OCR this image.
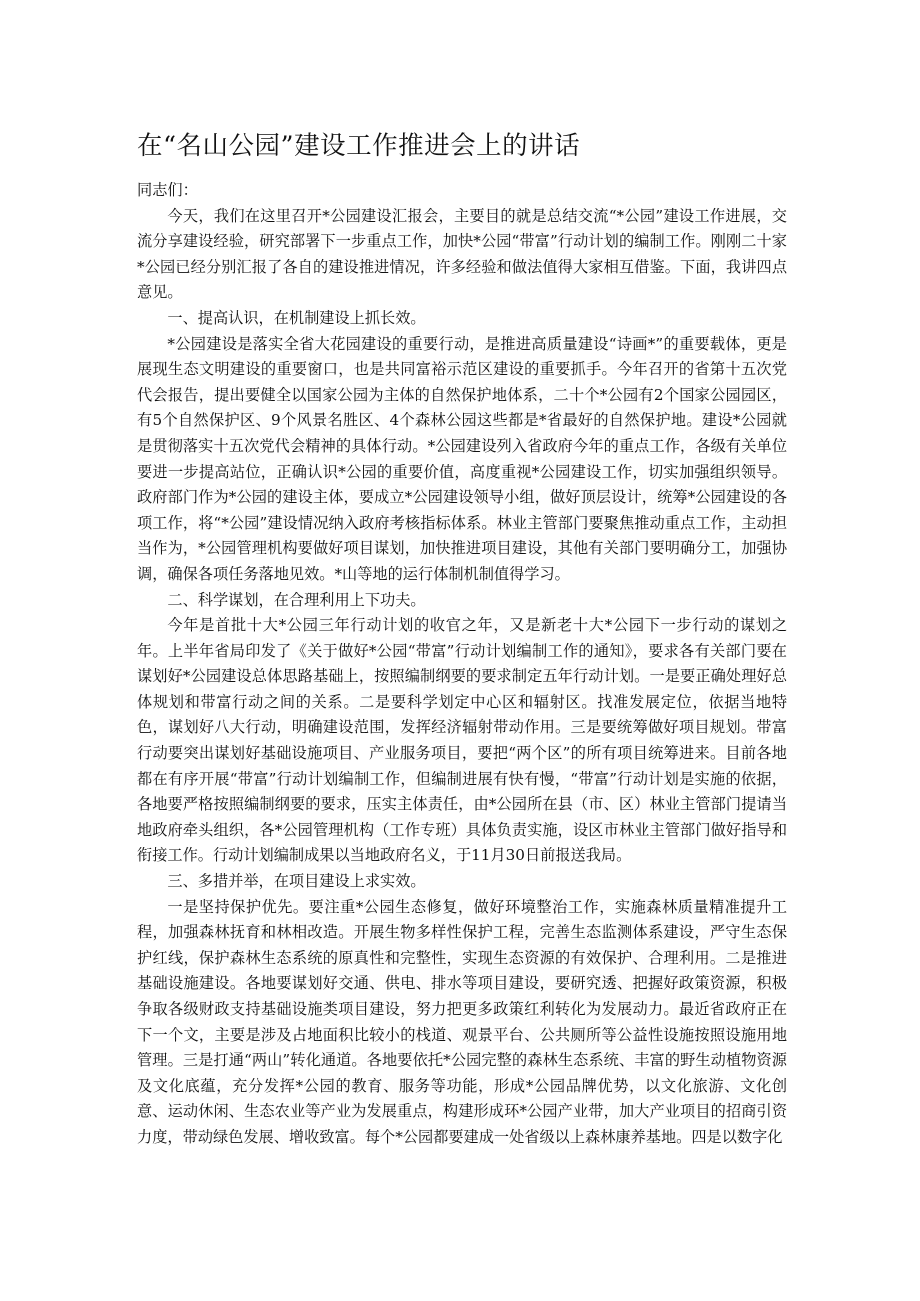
在“名山公园”建设工作推进会上的讲话

同志们：

今天，我们在这里召开*公园建设汇报会，主要目的就是总结交流“*公园”建设工作进展，交流分享建设经验，研究部署下一步重点工作，加快*公园“带富”行动计划的编制工作。刚刚二十家*公园已经分别汇报了各自的建设推进情况，许多经验和做法值得大家相互借鉴。下面，我讲四点意见。

一、提高认识，在机制建设上抓长效。

*公园建设是落实全省大花园建设的重要行动，是推进高质量建设“诗画*”的重要载体，更是展现生态文明建设的重要窗口，也是共同富裕示范区建设的重要抓手。今年召开的省第十五次党代会报告，提出要健全以国家公园为主体的自然保护地体系，二十个*公园有2个国家公园园区，有5个自然保护区、9个风景名胜区、4个森林公园这些都是*省最好的自然保护地。建设*公园就是贯彻落实十五次党代会精神的具体行动。*公园建设列入省政府今年的重点工作，各级有关单位要进一步提高站位，正确认识*公园的重要价值，高度重视*公园建设工作，切实加强组织领导。政府部门作为*公园的建设主体，要成立*公园建设领导小组，做好顶层设计，统筹*公园建设的各项工作，将“*公园”建设情况纳入政府考核指标体系。林业主管部门要聚焦推动重点工作，主动担当作为，*公园管理机构要做好项目谋划，加快推进项目建设，其他有关部门要明确分工，加强协调，确保各项任务落地见效。*山等地的运行体制机制值得学习。

二、科学谋划，在合理利用上下功夫。

今年是首批十大*公园三年行动计划的收官之年，又是新老十大*公园下一步行动的谋划之年。上半年省局印发了《关于做好*公园“带富”行动计划编制工作的通知》，要求各有关部门要在谋划好*公园建设总体思路基础上，按照编制纲要的要求制定五年行动计划。一是要正确处理好总体规划和带富行动之间的关系。二是要科学划定中心区和辐射区。找准发展定位，依据当地特色，谋划好八大行动，明确建设范围，发挥经济辐射带动作用。三是要统筹做好项目规划。带富行动要突出谋划好基础设施项目、产业服务项目，要把“两个区”的所有项目统筹进来。目前各地都在有序开展“带富”行动计划编制工作，但编制进展有快有慢，“带富”行动计划是实施的依据，各地要严格按照编制纲要的要求，压实主体责任，由*公园所在县（市、区）林业主管部门提请当地政府牵头组织，各*公园管理机构（工作专班）具体负责实施，设区市林业主管部门做好指导和衔接工作。行动计划编制成果以当地政府名义，于11月30日前报送我局。

三、多措并举，在项目建设上求实效。

一是坚持保护优先。要注重*公园生态修复，做好环境整治工作，实施森林质量精准提升工程，加强森林抚育和林相改造。开展生物多样性保护工程，完善生态监测体系建设，严守生态保护红线，保护森林生态系统的原真性和完整性，实现生态资源的有效保护、合理利用。二是推进基础设施建设。各地要谋划好交通、供电、排水等项目建设，要研究透、把握好政策资源，积极争取各级财政支持基础设施类项目建设，努力把更多政策红利转化为发展动力。最近省政府正在下一个文，主要是涉及占地面积比较小的栈道、观景平台、公共厕所等公益性设施按照设施用地管理。三是打通“两山”转化通道。各地要依托*公园完整的森林生态系统、丰富的野生动植物资源及文化底蕴，充分发挥*公园的教育、服务等功能，形成*公园品牌优势，以文化旅游、文化创意、运动休闲、生态农业等产业为发展重点，构建形成环*公园产业带，加大产业项目的招商引资力度，带动绿色发展、增收致富。每个*公园都要建成一处省级以上森林康养基地。四是以数字化
